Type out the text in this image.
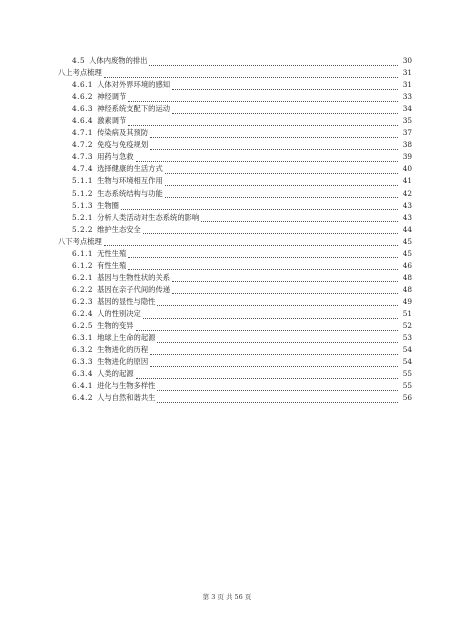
4.5 人体内废物的排出	30
八上考点梳理	31
4.6.1 人体对外界环境的感知	31
4.6.2 神经调节	33
4.6.3 神经系统支配下的运动	34
4.6.4 激素调节	35
4.7.1 传染病及其预防	37
4.7.2 免疫与免疫规划	38
4.7.3 用药与急救	39
4.7.4 选择健康的生活方式	40
5.1.1 生物与环境相互作用	41
5.1.2 生态系统结构与功能	42
5.1.3 生物圈	43
5.2.1 分析人类活动对生态系统的影响	43
5.2.2 维护生态安全	44
八下考点梳理	45
6.1.1 无性生殖	45
6.1.2 有性生殖	46
6.2.1 基因与生物性状的关系	48
6.2.2 基因在亲子代间的传递	48
6.2.3 基因的显性与隐性	49
6.2.4 人的性别决定	51
6.2.5 生物的变异	52
6.3.1 地球上生命的起源	53
6.3.2 生物进化的历程	54
6.3.3 生物进化的原因	54
6.3.4 人类的起源	55
6.4.1 进化与生物多样性	55
6.4.2 人与自然和谐共生	56
第 3 页 共 56 页
